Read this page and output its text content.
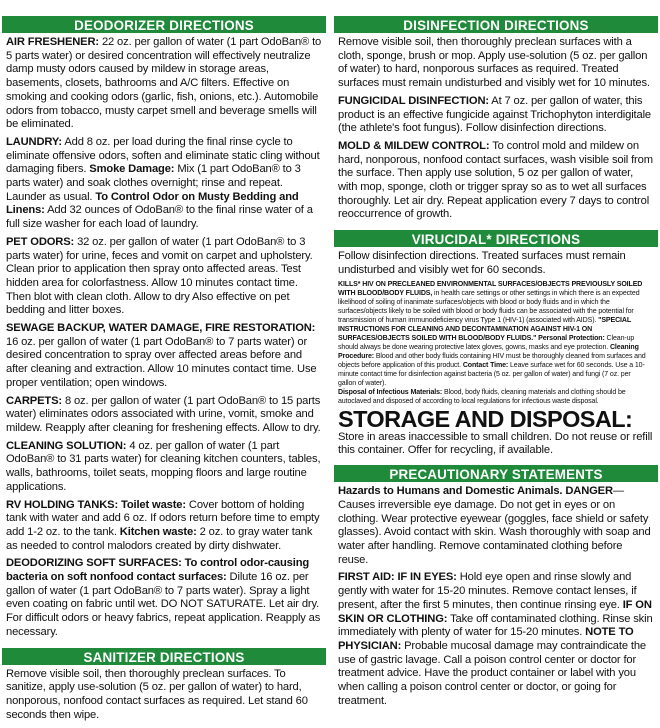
DEODORIZER DIRECTIONS

AIR FRESHENER: 22 oz. per gallon of water (1 part OdoBan® to 5 parts water) or desired concentration will effectively neutralize damp musty odors caused by mildew in storage areas, basements, closets, bathrooms and A/C filters. Effective on smoking and cooking odors (garlic, fish, onions, etc.). Automobile odors from tobacco, musty carpet smell and beverage smells will be eliminated.

LAUNDRY: Add 8 oz. per load during the final rinse cycle to eliminate offensive odors, soften and eliminate static cling without damaging fibers. Smoke Damage: Mix (1 part OdoBan® to 3 parts water) and soak clothes overnight; rinse and repeat. Launder as usual. To Control Odor on Musty Bedding and Linens: Add 32 ounces of OdoBan® to the final rinse water of a full size washer for each load of laundry.

PET ODORS: 32 oz. per gallon of water (1 part OdoBan® to 3 parts water) for urine, feces and vomit on carpet and upholstery. Clean prior to application then spray onto affected areas. Test hidden area for colorfastness. Allow 10 minutes contact time. Then blot with clean cloth. Allow to dry Also effective on pet bedding and litter boxes.

SEWAGE BACKUP, WATER DAMAGE, FIRE RESTORATION: 16 oz. per gallon of water (1 part OdoBan® to 7 parts water) or desired concentration to spray over affected areas before and after cleaning and extraction. Allow 10 minutes contact time. Use proper ventilation; open windows.

CARPETS: 8 oz. per gallon of water (1 part OdoBan® to 15 parts water) eliminates odors associated with urine, vomit, smoke and mildew. Reapply after cleaning for freshening effects. Allow to dry.

CLEANING SOLUTION: 4 oz. per gallon of water (1 part OdoBan® to 31 parts water) for cleaning kitchen counters, tables, walls, bathrooms, toilet seats, mopping floors and large routine applications.

RV HOLDING TANKS: Toilet waste: Cover bottom of holding tank with water and add 6 oz. If odors return before time to empty add 1-2 oz. to the tank. Kitchen waste: 2 oz. to gray water tank as needed to control malodors created by dirty dishwater.

DEODORIZING SOFT SURFACES: To control odor-causing bacteria on soft nonfood contact surfaces: Dilute 16 oz. per gallon of water (1 part OdoBan® to 7 parts water). Spray a light even coating on fabric until wet. DO NOT SATURATE. Let air dry. For difficult odors or heavy fabrics, repeat application. Reapply as necessary.

SANITIZER DIRECTIONS

Remove visible soil, then thoroughly preclean surfaces. To sanitize, apply use-solution (5 oz. per gallon of water) to hard, nonporous, nonfood contact surfaces as required. Let stand 60 seconds then wipe.

DISINFECTION DIRECTIONS

Remove visible soil, then thoroughly preclean surfaces with a cloth, sponge, brush or mop. Apply use-solution (5 oz. per gallon of water) to hard, nonporous surfaces as required. Treated surfaces must remain undisturbed and visibly wet for 10 minutes.

FUNGICIDAL DISINFECTION: At 7 oz. per gallon of water, this product is an effective fungicide against Trichophyton interdigitale (the athlete's foot fungus). Follow disinfection directions.

MOLD & MILDEW CONTROL: To control mold and mildew on hard, nonporous, nonfood contact surfaces, wash visible soil from the surface. Then apply use solution, 5 oz per gallon of water, with mop, sponge, cloth or trigger spray so as to wet all surfaces thoroughly. Let air dry. Repeat application every 7 days to control reoccurrence of growth.

VIRUCIDAL* DIRECTIONS

Follow disinfection directions. Treated surfaces must remain undisturbed and visibly wet for 60 seconds.

KILLS* HIV ON PRECLEANED ENVIRONMENTAL SURFACES/OBJECTS PREVIOUSLY SOILED WITH BLOOD/BODY FLUIDS, in health care settings or other settings in which there is an expected likelihood of soiling of inanimate surfaces/objects with blood or body fluids and in which the surfaces/objects likely to be soiled with blood or body fluids can be associated with the potential for transmission of human immunodeficiency virus Type 1 (HIV-1) (associated with AIDS). "SPECIAL INSTRUCTIONS FOR CLEANING AND DECONTAMINATION AGAINST HIV-1 ON SURFACES/OBJECTS SOILED WITH BLOOD/BODY FLUIDS." Personal Protection: Clean-up should always be done wearing protective latex gloves, gowns, masks and eye protection. Cleaning Procedure: Blood and other body fluids containing HIV must be thoroughly cleaned from surfaces and objects before application of this product. Contact Time: Leave surface wet for 60 seconds. Use a 10-minute contact time for disinfection against bacteria (5 oz. per gallon of water) and fungi (7 oz. per gallon of water).
Disposal of Infectious Materials: Blood, body fluids, cleaning materials and clothing should be autoclaved and disposed of according to local regulations for infectious waste disposal.
STORAGE AND DISPOSAL: Store in areas inaccessible to small children. Do not reuse or refill this container. Offer for recycling, if available.
PRECAUTIONARY STATEMENTS

Hazards to Humans and Domestic Animals. DANGER—Causes irreversible eye damage. Do not get in eyes or on clothing. Wear protective eyewear (goggles, face shield or safety glasses). Avoid contact with skin. Wash thoroughly with soap and water after handling. Remove contaminated clothing before reuse.

FIRST AID: IF IN EYES: Hold eye open and rinse slowly and gently with water for 15-20 minutes. Remove contact lenses, if present, after the first 5 minutes, then continue rinsing eye. IF ON SKIN OR CLOTHING: Take off contaminated clothing. Rinse skin immediately with plenty of water for 15-20 minutes. NOTE TO PHYSICIAN: Probable mucosal damage may contraindicate the use of gastric lavage. Call a poison control center or doctor for treatment advice. Have the product container or label with you when calling a poison control center or doctor, or going for treatment.
